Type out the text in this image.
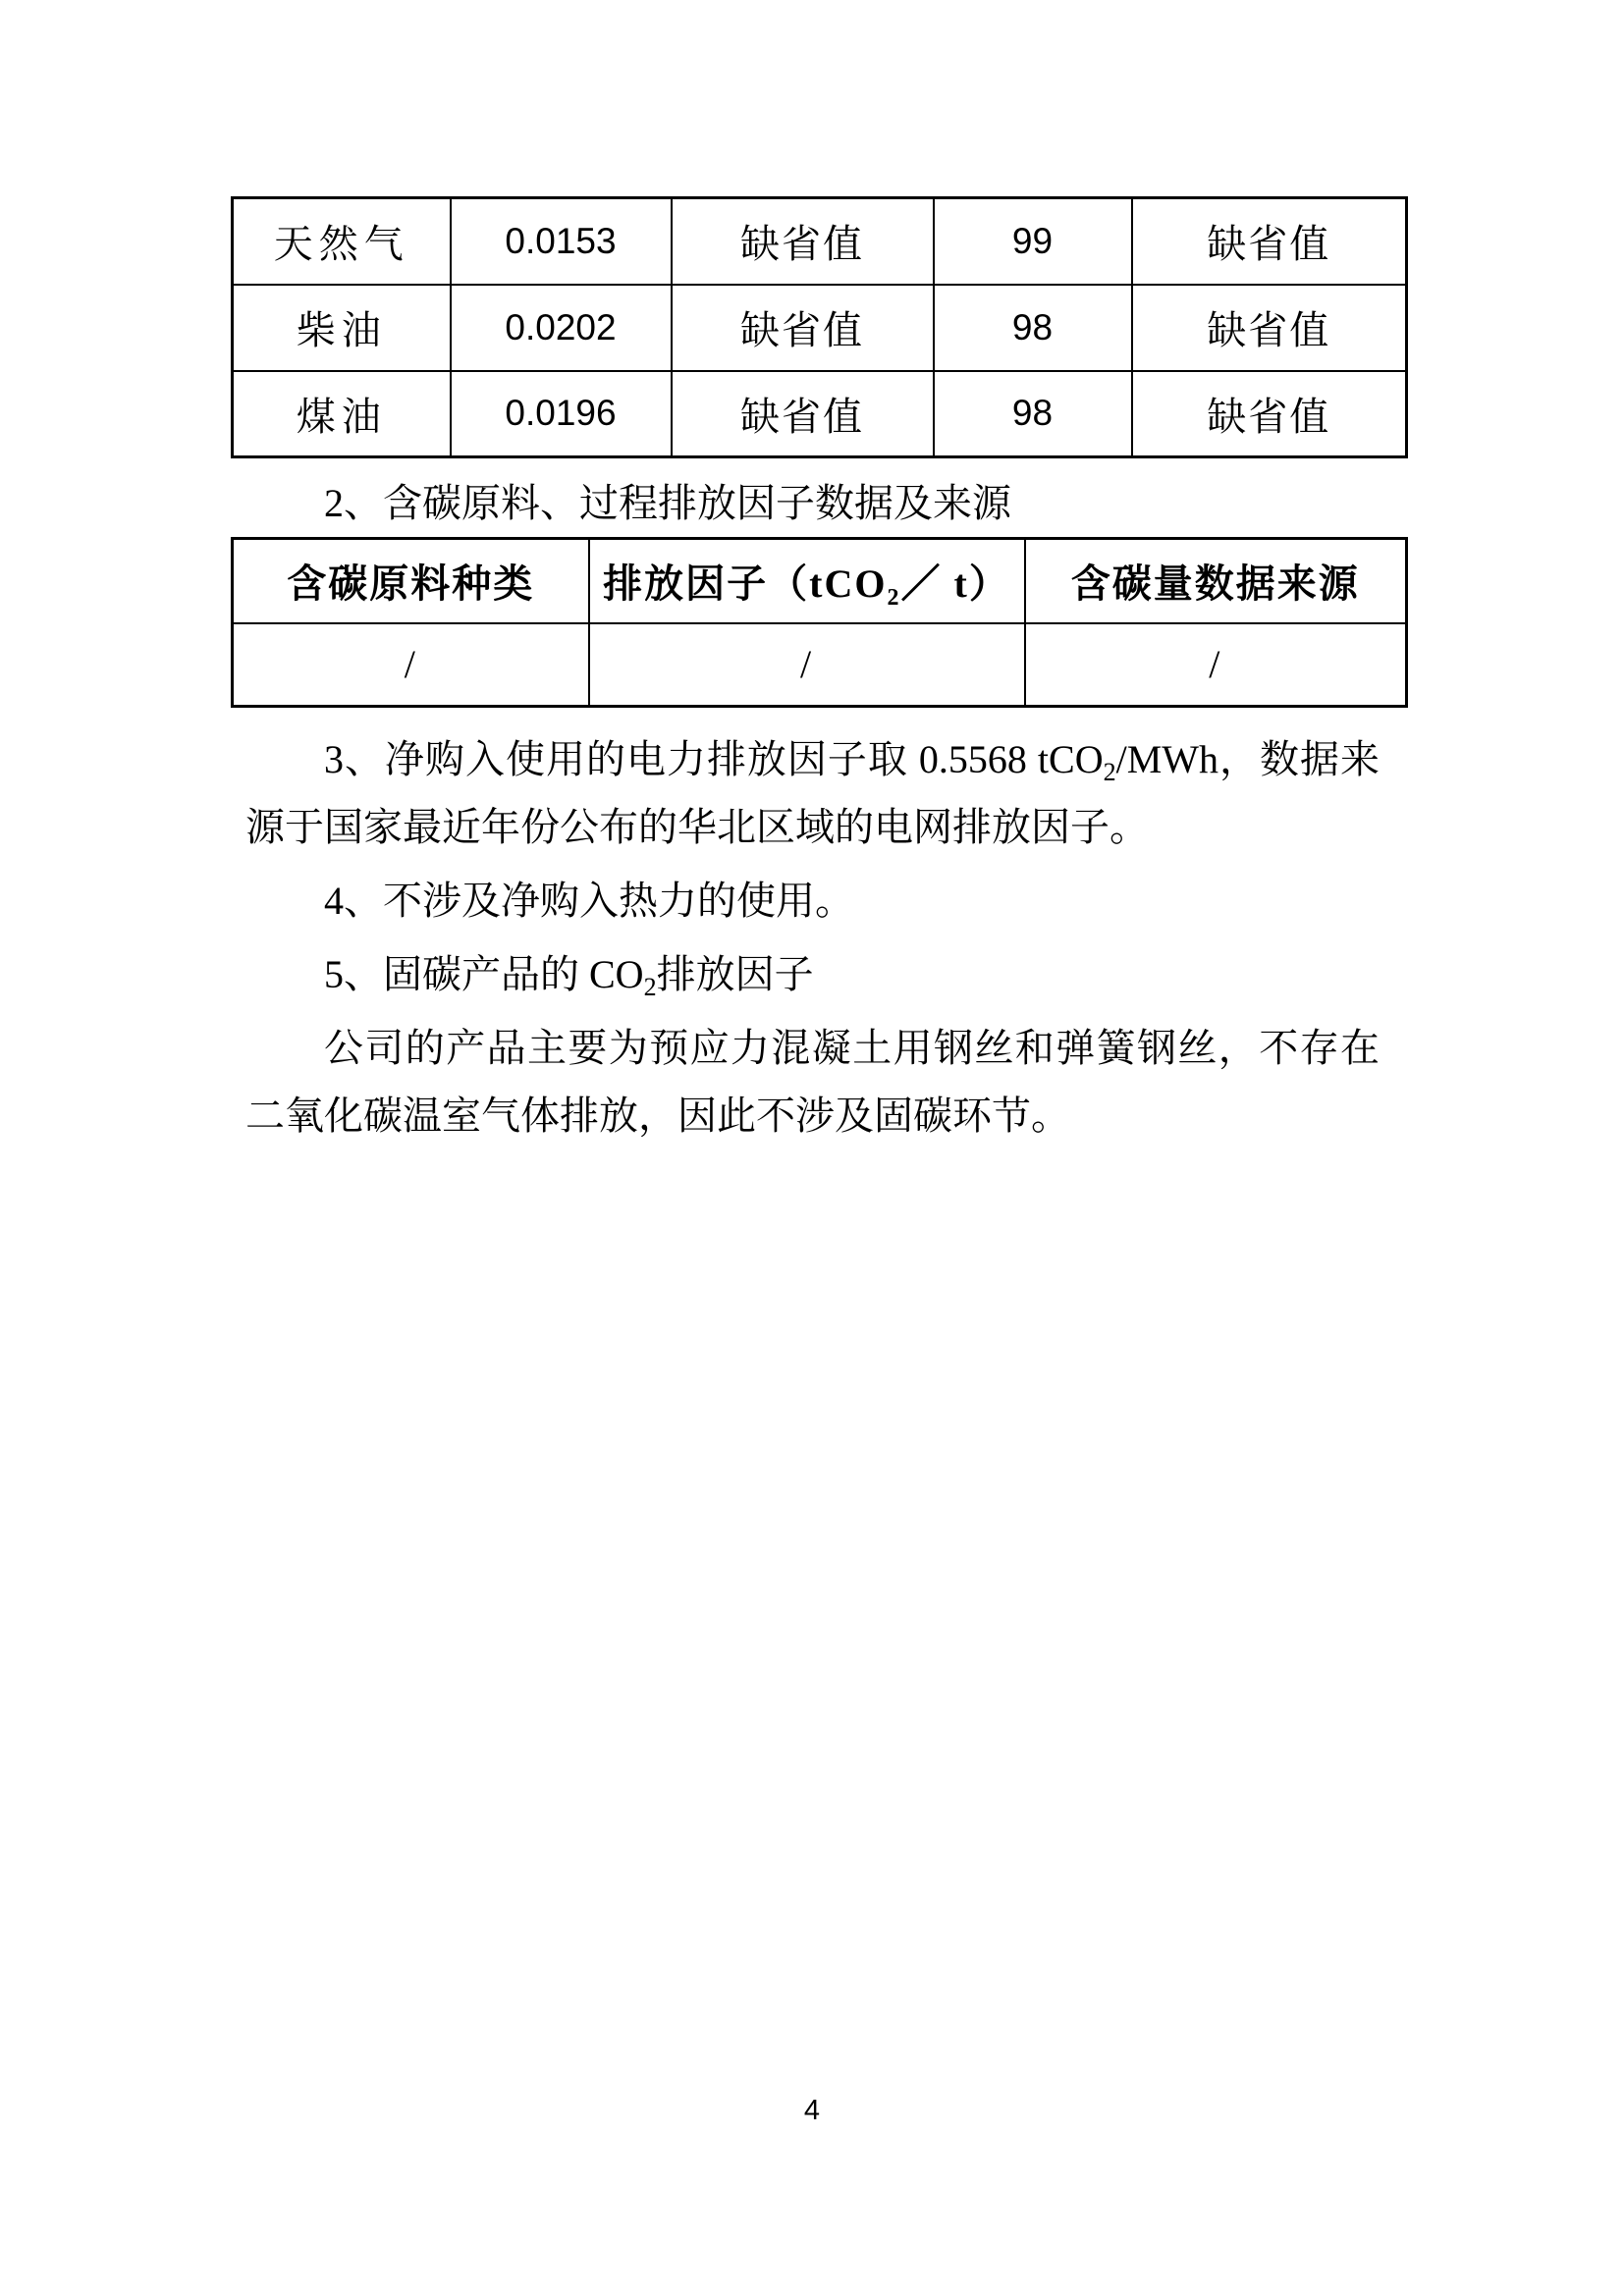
天然气	0.0153	缺省值	99	缺省值
柴油	0.0202	缺省值	98	缺省值
煤油	0.0196	缺省值	98	缺省值
2、含碳原料、过程排放因子数据及来源
含碳原料种类	排放因子（tCO$_2$／ t）	含碳量数据来源
/	/	/

3、净购入使用的电力排放因子取 0.5568 tCO$_2$/MWh，数据来源于国家最近年份公布的华北区域的电网排放因子。

4、不涉及净购入热力的使用。

5、固碳产品的 $CO_2$排放因子

公司的产品主要为预应力混凝土用钢丝和弹簧钢丝，不存在二氧化碳温室气体排放，因此不涉及固碳环节。

4
